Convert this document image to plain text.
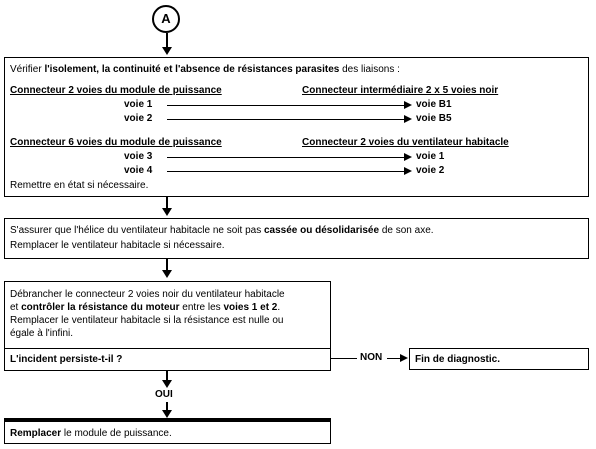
A
Vérifier l'isolement, la continuité et l'absence de résistances parasites des liaisons :
Connecteur 2 voies du module de puissance	Connecteur intermédiaire 2 x 5 voies noir
voie 1	voie B1
voie 2	voie B5
Connecteur 6 voies du module de puissance	Connecteur 2 voies du ventilateur habitacle
voie 3	voie 1
voie 4	voie 2
Remettre en état si nécessaire.
S'assurer que l'hélice du ventilateur habitacle ne soit pas cassée ou désolidarisée de son axe.
Remplacer le ventilateur habitacle si nécessaire.
Débrancher le connecteur 2 voies noir du ventilateur habitacle
et contrôler la résistance du moteur entre les voies 1 et 2.
Remplacer le ventilateur habitacle si la résistance est nulle ou
égale à l'infini.
L'incident persiste-t-il ?	NON	Fin de diagnostic.
OUI
Remplacer le module de puissance.
